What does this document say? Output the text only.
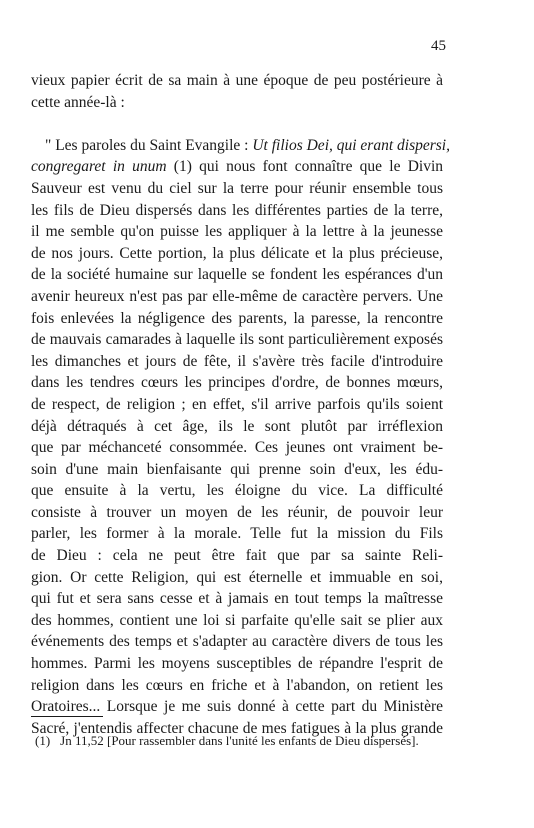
45
vieux papier écrit de sa main à une époque de peu postérieure à
cette année-là :
" Les paroles du Saint Evangile : Ut filios Dei, qui erant dispersi,
congregaret in unum (1) qui nous font connaître que le Divin
Sauveur est venu du ciel sur la terre pour réunir ensemble tous
les fils de Dieu dispersés dans les différentes parties de la terre,
il me semble qu'on puisse les appliquer à la lettre à la jeunesse
de nos jours. Cette portion, la plus délicate et la plus précieuse,
de la société humaine sur laquelle se fondent les espérances d'un
avenir heureux n'est pas par elle-même de caractère pervers. Une
fois enlevées la négligence des parents, la paresse, la rencontre
de mauvais camarades à laquelle ils sont particulièrement exposés
les dimanches et jours de fête, il s'avère très facile d'introduire
dans les tendres cœurs les principes d'ordre, de bonnes mœurs,
de respect, de religion ; en effet, s'il arrive parfois qu'ils soient
déjà détraqués à cet âge, ils le sont plutôt par irréflexion
que par méchanceté consommée. Ces jeunes ont vraiment be-
soin d'une main bienfaisante qui prenne soin d'eux, les édu-
que ensuite à la vertu, les éloigne du vice. La difficulté
consiste à trouver un moyen de les réunir, de pouvoir leur
parler, les former à la morale. Telle fut la mission du Fils
de Dieu : cela ne peut être fait que par sa sainte Reli-
gion. Or cette Religion, qui est éternelle et immuable en soi,
qui fut et sera sans cesse et à jamais en tout temps la maîtresse
des hommes, contient une loi si parfaite qu'elle sait se plier aux
événements des temps et s'adapter au caractère divers de tous les
hommes. Parmi les moyens susceptibles de répandre l'esprit de
religion dans les cœurs en friche et à l'abandon, on retient les
Oratoires... Lorsque je me suis donné à cette part du Ministère
Sacré, j'entendis affecter chacune de mes fatigues à la plus grande
(1) Jn 11,52 [Pour rassembler dans l'unité les enfants de Dieu dispersés].
